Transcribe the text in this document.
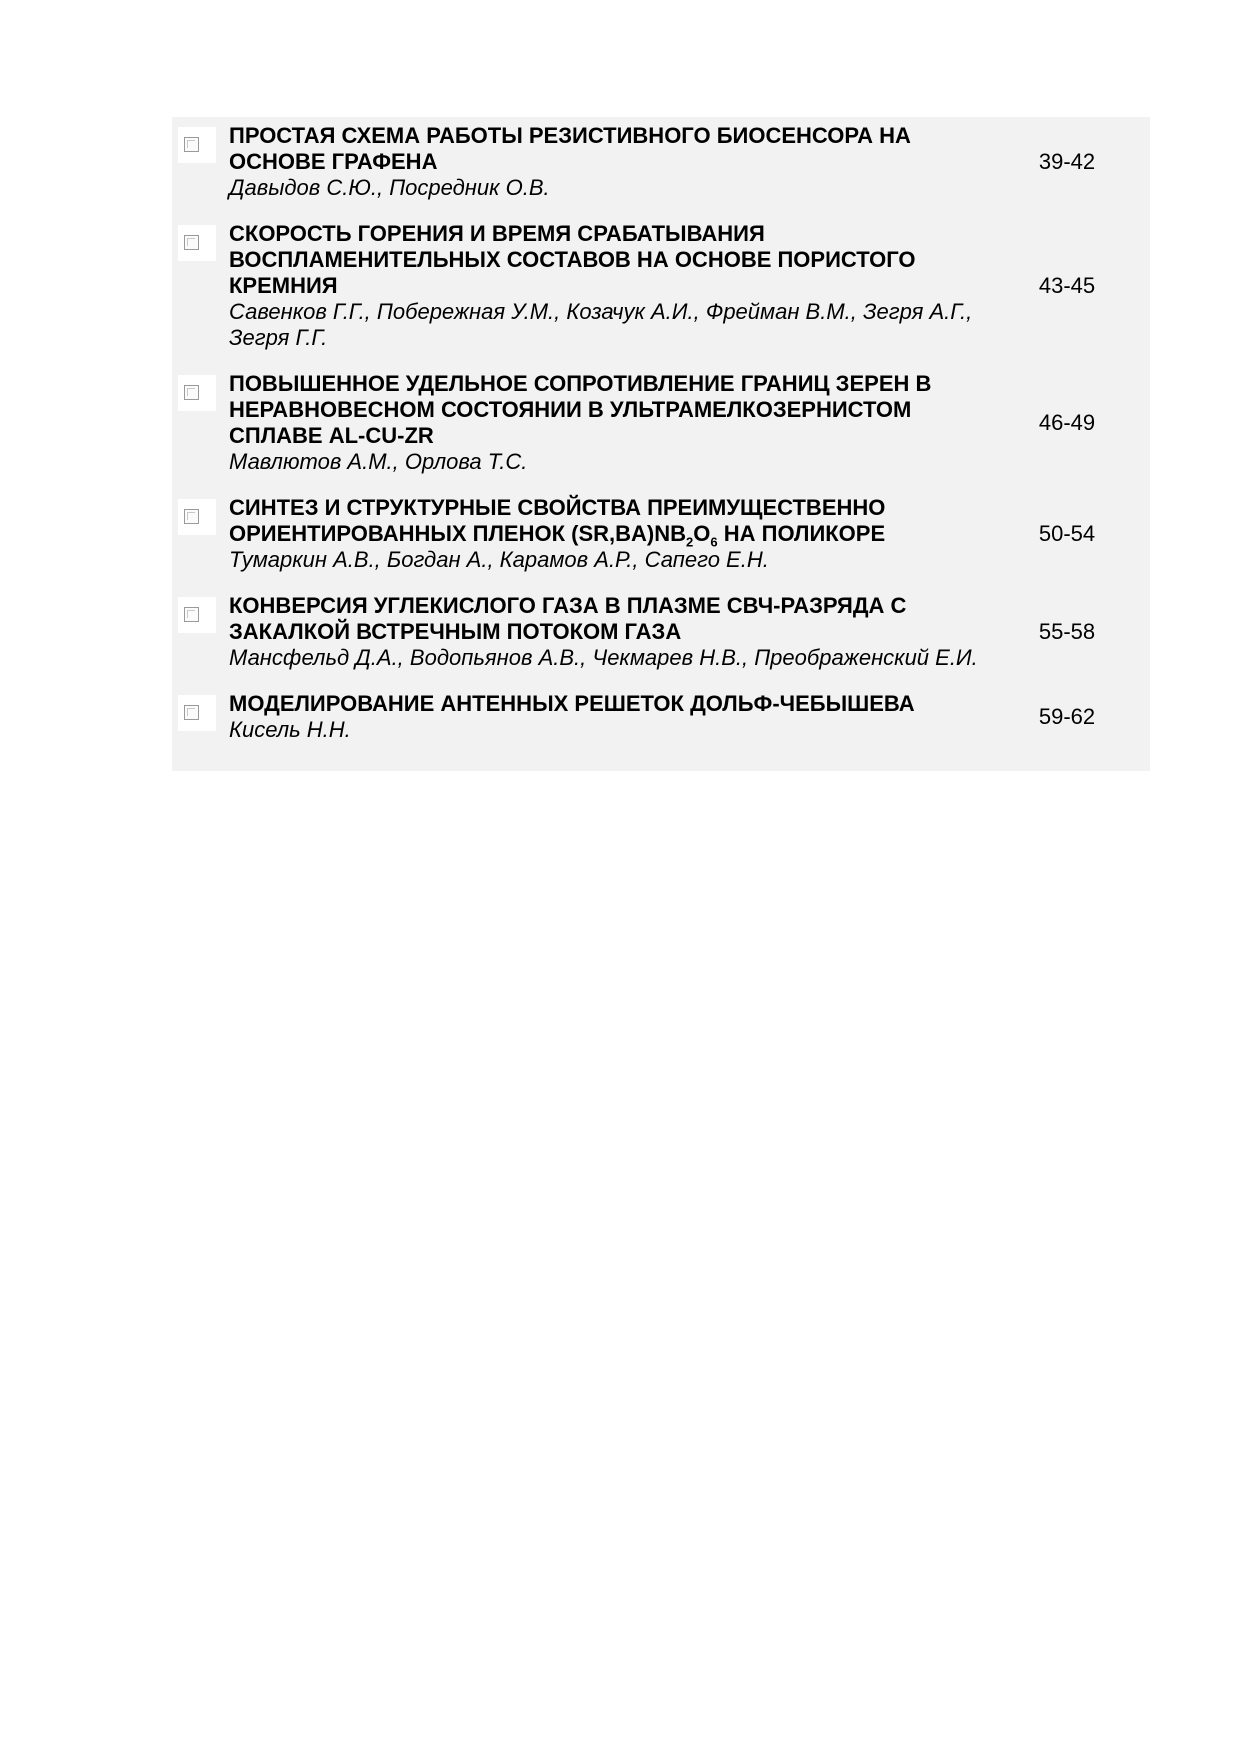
ПРОСТАЯ СХЕМА РАБОТЫ РЕЗИСТИВНОГО БИОСЕНСОРА НА ОСНОВЕ ГРАФЕНА

Давыдов С.Ю., Посредник О.В.

39-42

СКОРОСТЬ ГОРЕНИЯ И ВРЕМЯ СРАБАТЫВАНИЯ ВОСПЛАМЕНИТЕЛЬНЫХ СОСТАВОВ НА ОСНОВЕ ПОРИСТОГО КРЕМНИЯ

Савенков Г.Г., Побережная У.М., Козачук А.И., Фрейман В.М., Зегря А.Г., Зегря Г.Г.

43-45

ПОВЫШЕННОЕ УДЕЛЬНОЕ СОПРОТИВЛЕНИЕ ГРАНИЦ ЗЕРЕН В НЕРАВНОВЕСНОМ СОСТОЯНИИ В УЛЬТРАМЕЛКОЗЕРНИСТОМ СПЛАВЕ AL-CU-ZR

Мавлютов А.М., Орлова Т.С.

46-49

СИНТЕЗ И СТРУКТУРНЫЕ СВОЙСТВА ПРЕИМУЩЕСТВЕННО ОРИЕНТИРОВАННЫХ ПЛЕНОК $(SR,BA)NB_2O_6$ НА ПОЛИКОРЕ

Тумаркин А.В., Богдан А., Карамов А.Р., Сапего Е.Н.

50-54

КОНВЕРСИЯ УГЛЕКИСЛОГО ГАЗА В ПЛАЗМЕ СВЧ-РАЗРЯДА С ЗАКАЛКОЙ ВСТРЕЧНЫМ ПОТОКОМ ГАЗА

Мансфельд Д.А., Водопьянов А.В., Чекмарев Н.В., Преображенский Е.И.

55-58

МОДЕЛИРОВАНИЕ АНТЕННЫХ РЕШЕТОК ДОЛЬФ-ЧЕБЫШЕВА

Кисель Н.Н.

59-62
